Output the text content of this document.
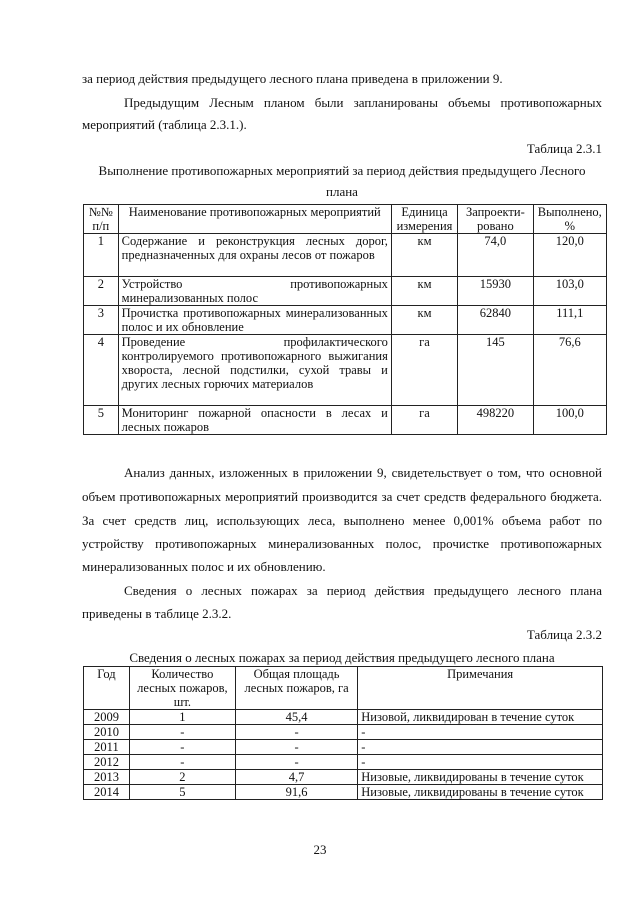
за период действия предыдущего лесного плана приведена в приложении 9.

Предыдущим Лесным планом были запланированы объемы противопожарных

мероприятий (таблица 2.3.1.).

Таблица 2.3.1

Выполнение противопожарных мероприятий за период действия предыдущего Лесного

плана

№№ п/п	Наименование противопожарных мероприятий	Единица измерения	Запроекти-ровано	Выполнено, %
1	Содержание и реконструкция лесных дорог, предназначенных для охраны лесов от пожаров	км	74,0	120,0
2	Устройство противопожарных минерализованных полос	км	15930	103,0
3	Прочистка противопожарных минерализованных полос и их обновление	км	62840	111,1
4	Проведение профилактического контролируемого противопожарного выжигания хвороста, лесной подстилки, сухой травы и других лесных горючих материалов	га	145	76,6
5	Мониторинг пожарной опасности в лесах и лесных пожаров	га	498220	100,0

Анализ данных, изложенных в приложении 9, свидетельствует о том, что основной

объем противопожарных мероприятий производится за счет средств федерального бюджета.

За счет средств лиц, использующих леса, выполнено менее 0,001% объема работ по

устройству противопожарных минерализованных полос, прочистке противопожарных

минерализованных полос и их обновлению.

Сведения о лесных пожарах за период действия предыдущего лесного плана

приведены в таблице 2.3.2.

Таблица 2.3.2

Сведения о лесных пожарах за период действия предыдущего лесного плана

Год	Количество лесных пожаров, шт.	Общая площадь лесных пожаров, га	Примечания
2009	1	45,4	Низовой, ликвидирован в течение суток
2010	-	-	-
2011	-	-	-
2012	-	-	-
2013	2	4,7	Низовые, ликвидированы в течение суток
2014	5	91,6	Низовые, ликвидированы в течение суток
23
